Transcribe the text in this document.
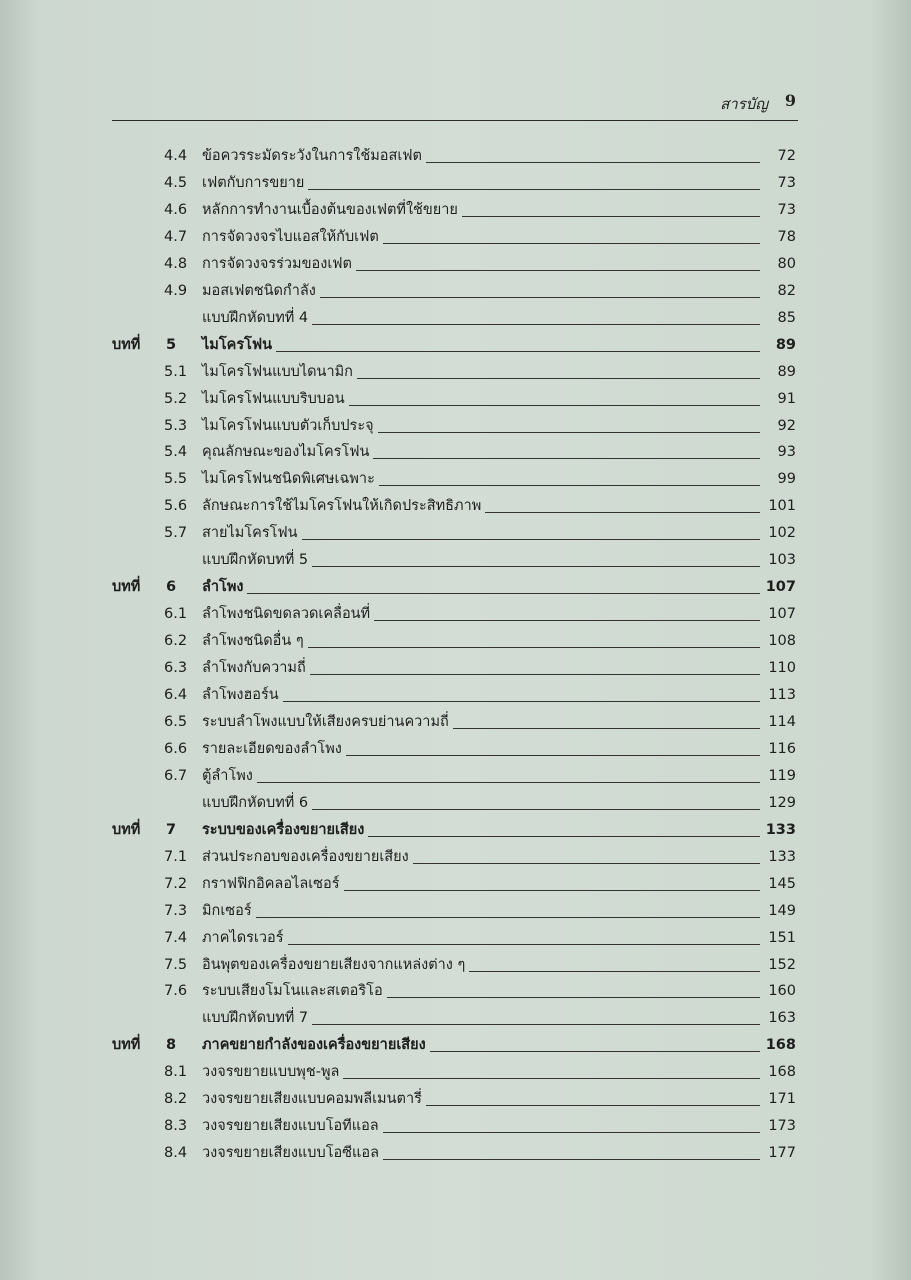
สารบัญ 9
4.4 ข้อควรระมัดระวังในการใช้มอสเฟต	72
4.5 เฟตกับการขยาย	73
4.6 หลักการทำงานเบื้องต้นของเฟตที่ใช้ขยาย	73
4.7 การจัดวงจรไบแอสให้กับเฟต	78
4.8 การจัดวงจรร่วมของเฟต	80
4.9 มอสเฟตชนิดกำลัง	82
แบบฝึกหัดบทที่ 4	85
บทที่ 5 ไมโครโฟน	89
5.1 ไมโครโฟนแบบไดนามิก	89
5.2 ไมโครโฟนแบบริบบอน	91
5.3 ไมโครโฟนแบบตัวเก็บประจุ	92
5.4 คุณลักษณะของไมโครโฟน	93
5.5 ไมโครโฟนชนิดพิเศษเฉพาะ	99
5.6 ลักษณะการใช้ไมโครโฟนให้เกิดประสิทธิภาพ	101
5.7 สายไมโครโฟน	102
แบบฝึกหัดบทที่ 5	103
บทที่ 6 ลำโพง	107
6.1 ลำโพงชนิดขดลวดเคลื่อนที่	107
6.2 ลำโพงชนิดอื่น ๆ	108
6.3 ลำโพงกับความถี่	110
6.4 ลำโพงฮอร์น	113
6.5 ระบบลำโพงแบบให้เสียงครบย่านความถี่	114
6.6 รายละเอียดของลำโพง	116
6.7 ตู้ลำโพง	119
แบบฝึกหัดบทที่ 6	129
บทที่ 7 ระบบของเครื่องขยายเสียง	133
7.1 ส่วนประกอบของเครื่องขยายเสียง	133
7.2 กราฟฟิกอิคลอไลเซอร์	145
7.3 มิกเซอร์	149
7.4 ภาคไดรเวอร์	151
7.5 อินพุตของเครื่องขยายเสียงจากแหล่งต่าง ๆ	152
7.6 ระบบเสียงโมโนและสเตอริโอ	160
แบบฝึกหัดบทที่ 7	163
บทที่ 8 ภาคขยายกำลังของเครื่องขยายเสียง	168
8.1 วงจรขยายแบบพุช-พูล	168
8.2 วงจรขยายเสียงแบบคอมพลีเมนตารี่	171
8.3 วงจรขยายเสียงแบบโอทีแอล	173
8.4 วงจรขยายเสียงแบบโอซีแอล	177
